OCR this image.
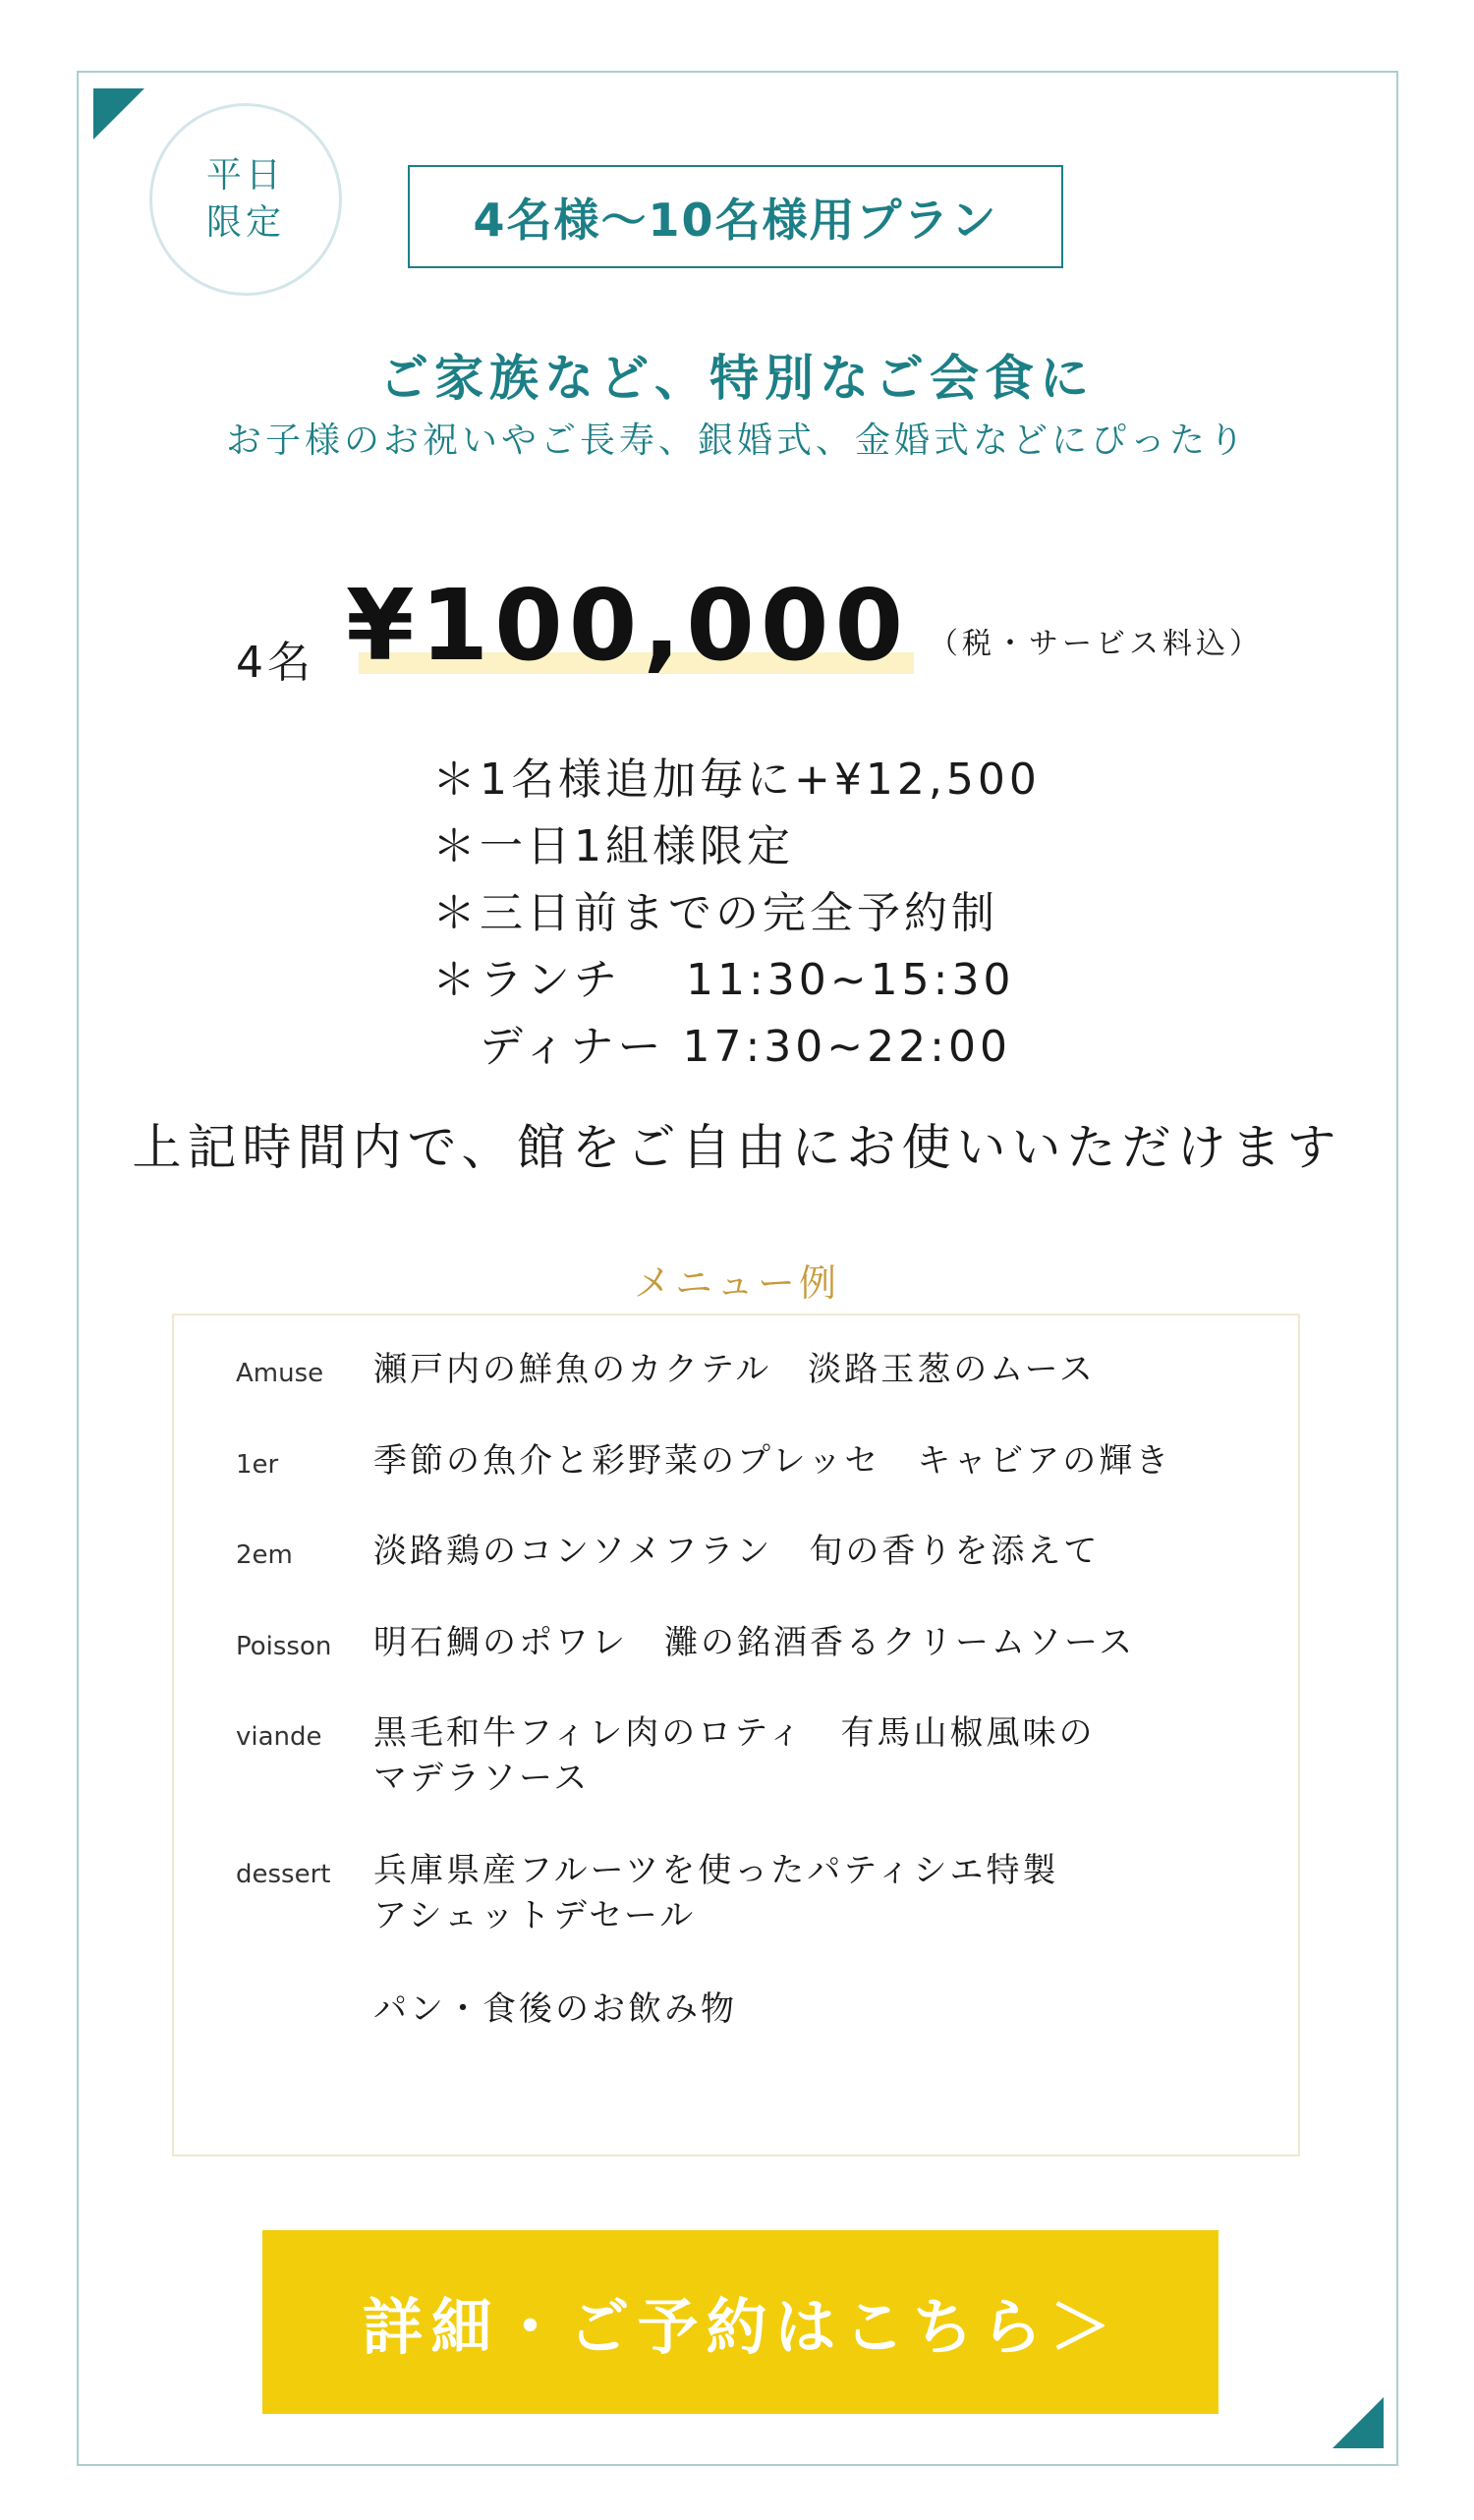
平日
限定	4名様～10名様用プラン
ご家族など、特別なご会食に
お子様のお祝いやご長寿、銀婚式、金婚式などにぴったり
4名 ¥100,000 （税・サービス料込）
＊1名様追加毎に+¥12,500
＊一日1組様限定
＊三日前までの完全予約制
＊ランチ　 11:30~15:30
ディナー 17:30~22:00
上記時間内で、館をご自由にお使いいただけます
メニュー例
Amuse	瀬戸内の鮮魚のカクテル　淡路玉葱のムース
1er	季節の魚介と彩野菜のプレッセ　キャビアの輝き
2em	淡路鶏のコンソメフラン　旬の香りを添えて
Poisson	明石鯛のポワレ　灘の銘酒香るクリームソース
viande	黒毛和牛フィレ肉のロティ　有馬山椒風味の
マデラソース
dessert	兵庫県産フルーツを使ったパティシエ特製
アシェットデセール
パン・食後のお飲み物
詳細・ご予約はこちら＞
